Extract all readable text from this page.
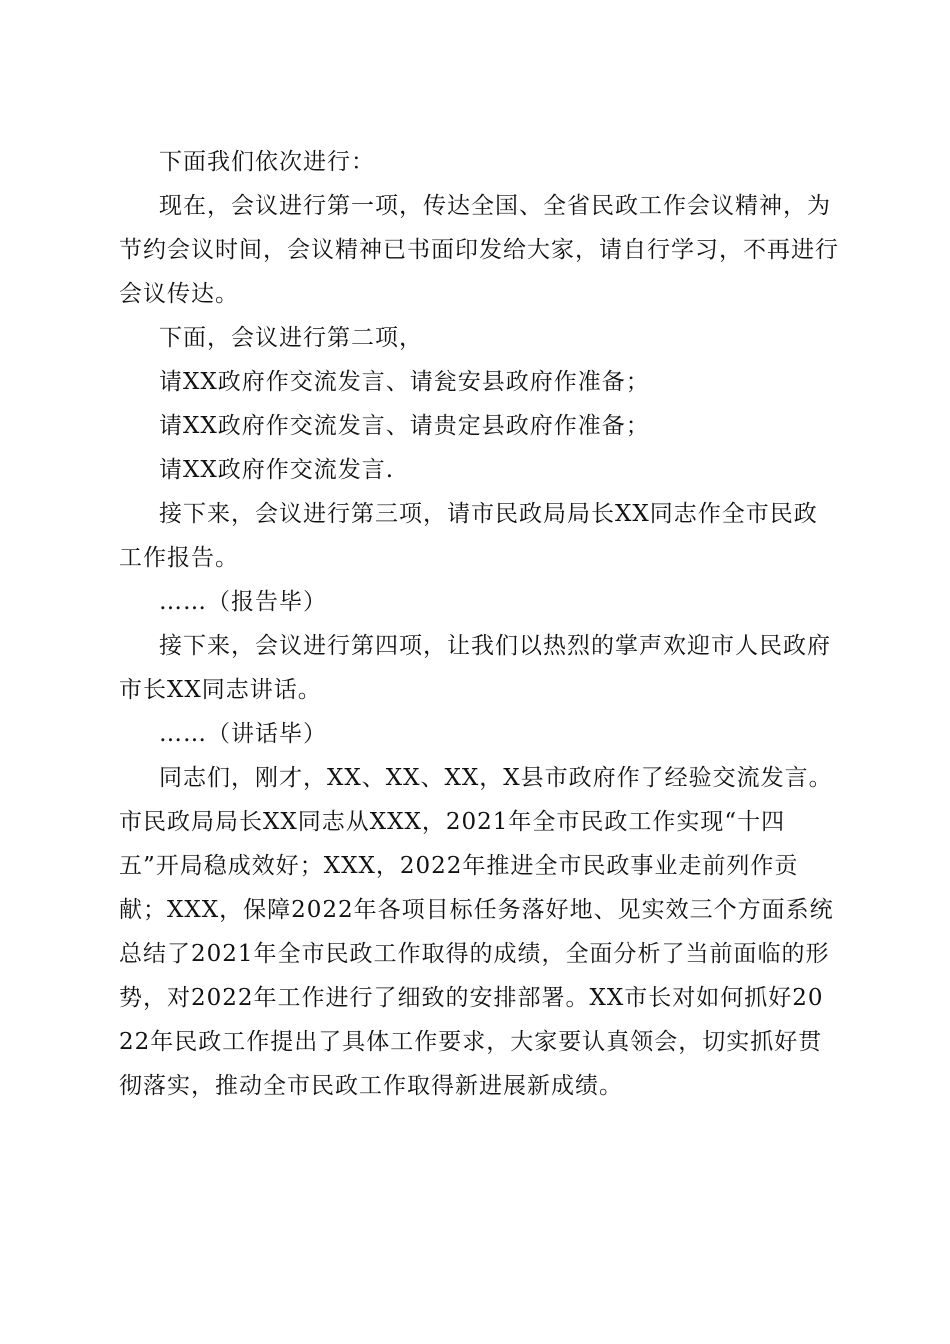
下面我们依次进行：

现在，会议进行第一项，传达全国、全省民政工作会议精神，为节约会议时间，会议精神已书面印发给大家，请自行学习，不再进行会议传达。

下面，会议进行第二项，

请XX政府作交流发言、请瓮安县政府作准备；

请XX政府作交流发言、请贵定县政府作准备；

请XX政府作交流发言.

接下来，会议进行第三项，请市民政局局长XX同志作全市民政工作报告。

……（报告毕）

接下来，会议进行第四项，让我们以热烈的掌声欢迎市人民政府市长XX同志讲话。

……（讲话毕）

同志们，刚才，XX、XX、XX，X县市政府作了经验交流发言。市民政局局长XX同志从XXX，2021年全市民政工作实现“十四五”开局稳成效好；XXX，2022年推进全市民政事业走前列作贡献；XXX，保障2022年各项目标任务落好地、见实效三个方面系统总结了2021年全市民政工作取得的成绩，全面分析了当前面临的形势，对2022年工作进行了细致的安排部署。XX市长对如何抓好2022年民政工作提出了具体工作要求，大家要认真领会，切实抓好贯彻落实，推动全市民政工作取得新进展新成绩。
